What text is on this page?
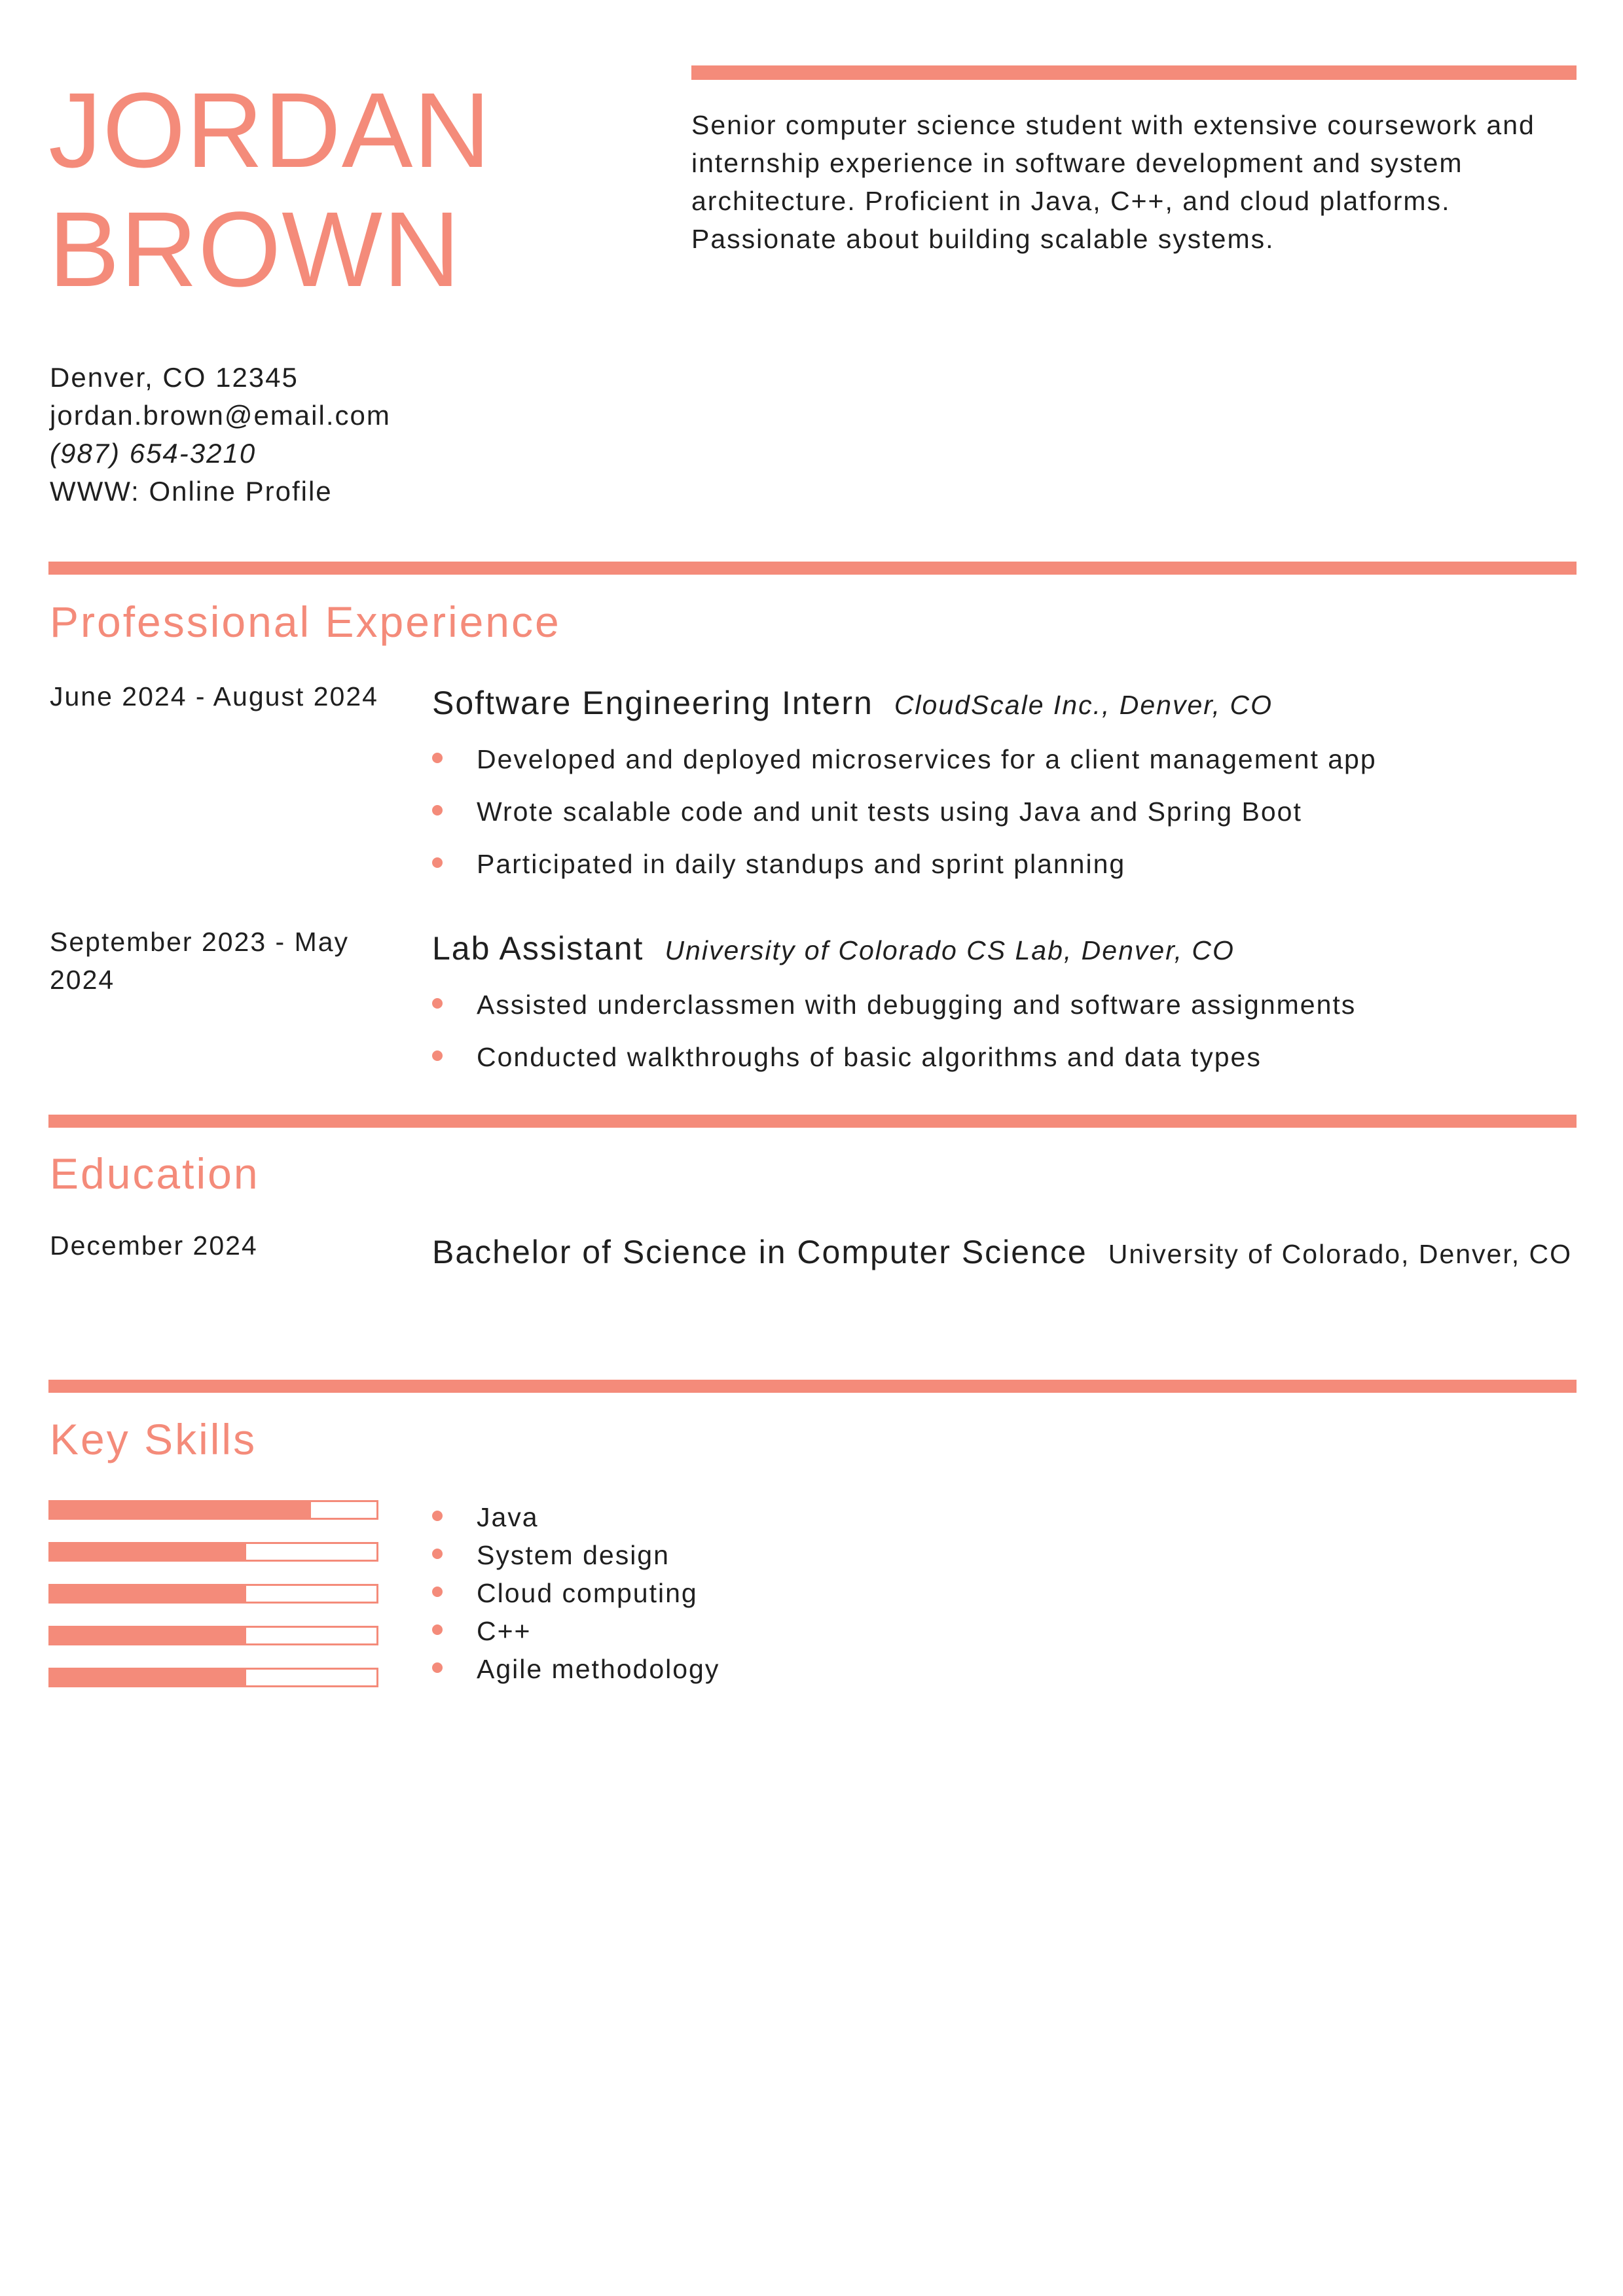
JORDAN
BROWN
Senior computer science student with extensive coursework and internship experience in software development and system architecture. Proficient in Java, C++, and cloud platforms. Passionate about building scalable systems.
Denver, CO 12345
jordan.brown@email.com
(987) 654-3210
WWW: Online Profile
Professional Experience
June 2024 - August 2024	Software Engineering Intern CloudScale Inc., Denver, CO
Developed and deployed microservices for a client management app
Wrote scalable code and unit tests using Java and Spring Boot
Participated in daily standups and sprint planning
September 2023 - May 2024
Lab Assistant University of Colorado CS Lab, Denver, CO
Assisted underclassmen with debugging and software assignments
Conducted walkthroughs of basic algorithms and data types
Education
December 2024	Bachelor of Science in Computer Science University of Colorado, Denver, CO
Key Skills
Java
System design
Cloud computing
C++
Agile methodology
